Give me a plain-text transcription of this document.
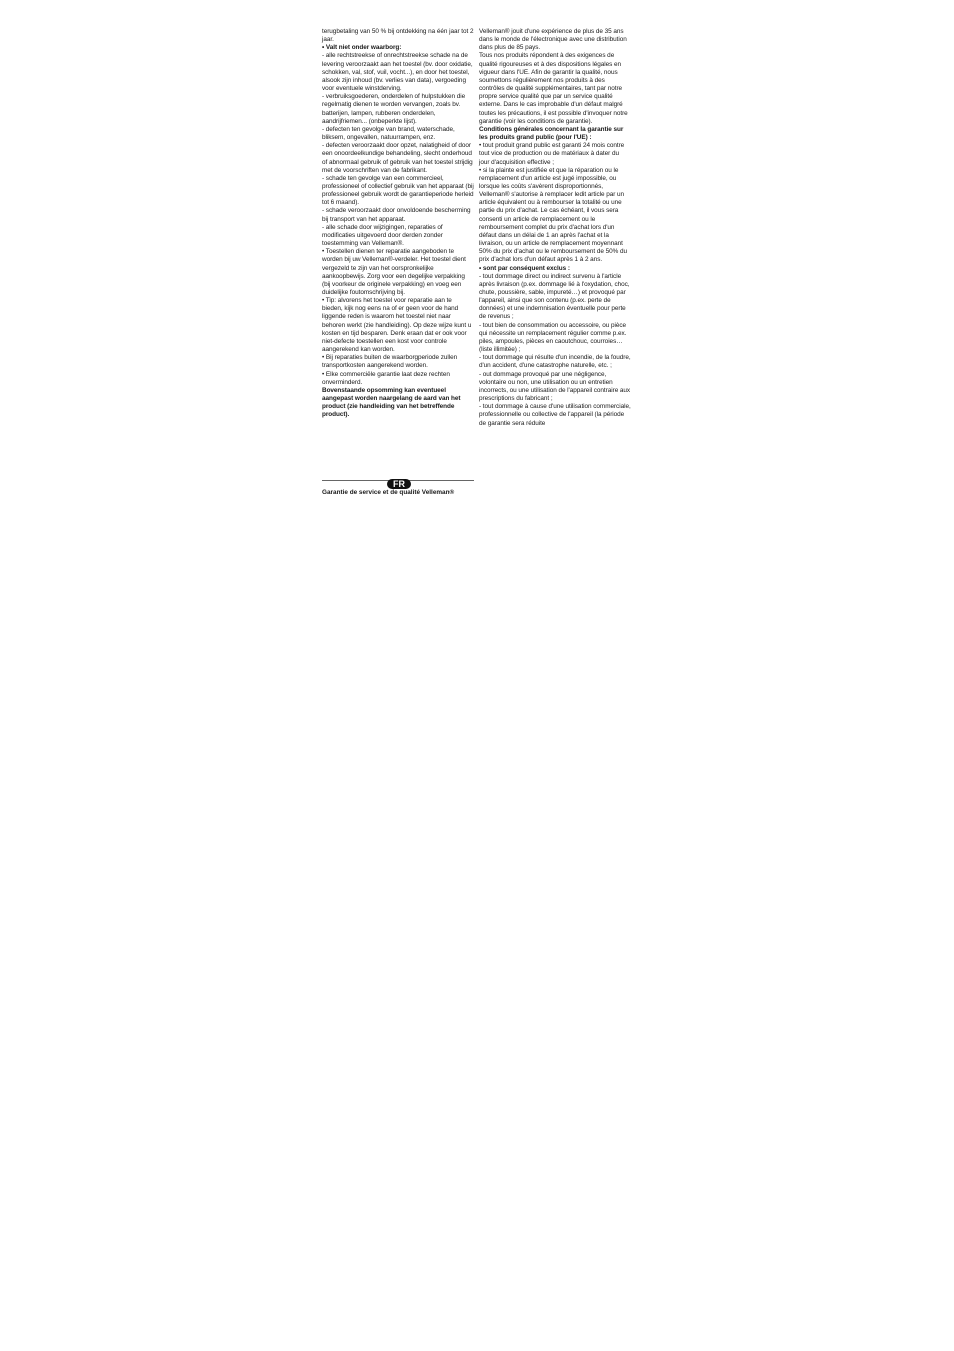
terugbetaling van 50 % bij ontdekking na één jaar tot 2 jaar.

• Valt niet onder waarborg:

- alle rechtstreekse of onrechtstreekse schade na de levering veroorzaakt aan het toestel (bv. door oxidatie, schokken, val, stof, vuil, vocht...), en door het toestel, alsook zijn inhoud (bv. verlies van data), vergoeding voor eventuele winstderving.

- verbruiksgoederen, onderdelen of hulpstukken die regelmatig dienen te worden vervangen, zoals bv. batterijen, lampen, rubberen onderdelen, aandrijfriemen... (onbeperkte lijst).

- defecten ten gevolge van brand, waterschade, bliksem, ongevallen, natuurrampen, enz.

- defecten veroorzaakt door opzet, nalatigheid of door een onoordeelkundige behandeling, slecht onderhoud of abnormaal gebruik of gebruik van het toestel strijdig met de voorschriften van de fabrikant.

- schade ten gevolge van een commercieel, professioneel of collectief gebruik van het apparaat (bij professioneel gebruik wordt de garantieperiode herleid tot 6 maand).

- schade veroorzaakt door onvoldoende bescherming bij transport van het apparaat.

- alle schade door wijzigingen, reparaties of modificaties uitgevoerd door derden zonder toestemming van Velleman®.

• Toestellen dienen ter reparatie aangeboden te worden bij uw Velleman®-verdeler. Het toestel dient vergezeld te zijn van het oorspronkelijke aankoopbewijs. Zorg voor een degelijke verpakking (bij voorkeur de originele verpakking) en voeg een duidelijke foutomschrijving bij.

• Tip: alvorens het toestel voor reparatie aan te bieden, kijk nog eens na of er geen voor de hand liggende reden is waarom het toestel niet naar behoren werkt (zie handleiding). Op deze wijze kunt u kosten en tijd besparen. Denk eraan dat er ook voor niet-defecte toestellen een kost voor controle aangerekend kan worden.

• Bij reparaties buiten de waarborgperiode zullen transportkosten aangerekend worden.

• Elke commerciële garantie laat deze rechten onverminderd.

Bovenstaande opsomming kan eventueel aangepast worden naargelang de aard van het product (zie handleiding van het betreffende product).

FR
Garantie de service et de qualité Velleman®

Velleman® jouit d'une expérience de plus de 35 ans dans le monde de l'électronique avec une distribution dans plus de 85 pays.

Tous nos produits répondent à des exigences de qualité rigoureuses et à des dispositions légales en vigueur dans l'UE. Afin de garantir la qualité, nous soumettons régulièrement nos produits à des contrôles de qualité supplémentaires, tant par notre propre service qualité que par un service qualité externe. Dans le cas improbable d'un défaut malgré toutes les précautions, il est possible d'invoquer notre garantie (voir les conditions de garantie).

Conditions générales concernant la garantie sur les produits grand public (pour l'UE) :

• tout produit grand public est garanti 24 mois contre tout vice de production ou de matériaux à dater du jour d'acquisition effective ;

• si la plainte est justifiée et que la réparation ou le remplacement d'un article est jugé impossible, ou lorsque les coûts s'avèrent disproportionnés, Velleman® s'autorise à remplacer ledit article par un article équivalent ou à rembourser la totalité ou une partie du prix d'achat. Le cas échéant, il vous sera consenti un article de remplacement ou le remboursement complet du prix d'achat lors d'un défaut dans un délai de 1 an après l'achat et la livraison, ou un article de remplacement moyennant 50% du prix d'achat ou le remboursement de 50% du prix d'achat lors d'un défaut après 1 à 2 ans.

• sont par conséquent exclus :

- tout dommage direct ou indirect survenu à l'article après livraison (p.ex. dommage lié à l'oxydation, choc, chute, poussière, sable, impureté…) et provoqué par l'appareil, ainsi que son contenu (p.ex. perte de données) et une indemnisation éventuelle pour perte de revenus ;

- tout bien de consommation ou accessoire, ou pièce qui nécessite un remplacement régulier comme p.ex. piles, ampoules, pièces en caoutchouc, courroies… (liste illimitée) ;

- tout dommage qui résulte d'un incendie, de la foudre, d'un accident, d'une catastrophe naturelle, etc. ;

- out dommage provoqué par une négligence, volontaire ou non, une utilisation ou un entretien incorrects, ou une utilisation de l'appareil contraire aux prescriptions du fabricant ;

- tout dommage à cause d'une utilisation commerciale, professionnelle ou collective de l'appareil (la période de garantie sera réduite
